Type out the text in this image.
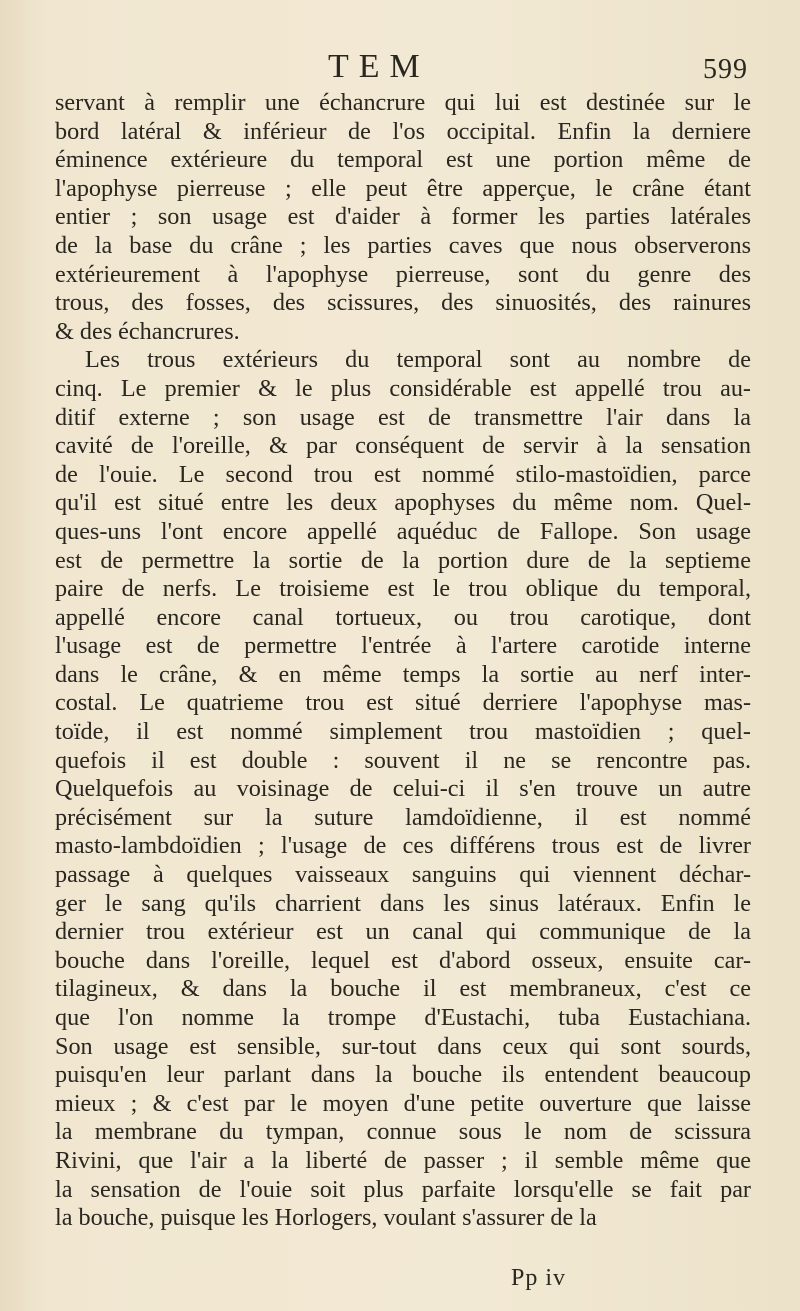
TEM	599
servant à remplir une échancrure qui lui est destinée sur le
bord latéral & inférieur de l'os occipital. Enfin la derniere
éminence extérieure du temporal est une portion même de
l'apophyse pierreuse ; elle peut être apperçue, le crâne étant
entier ; son usage est d'aider à former les parties latérales
de la base du crâne ; les parties caves que nous observerons
extérieurement à l'apophyse pierreuse, sont du genre des
trous, des fosses, des scissures, des sinuosités, des rainures
& des échancrures.
Les trous extérieurs du temporal sont au nombre de
cinq. Le premier & le plus considérable est appellé trou au-
ditif externe ; son usage est de transmettre l'air dans la
cavité de l'oreille, & par conséquent de servir à la sensation
de l'ouie. Le second trou est nommé stilo-mastoïdien, parce
qu'il est situé entre les deux apophyses du même nom. Quel-
ques-uns l'ont encore appellé aquéduc de Fallope. Son usage
est de permettre la sortie de la portion dure de la septieme
paire de nerfs. Le troisieme est le trou oblique du temporal,
appellé encore canal tortueux, ou trou carotique, dont
l'usage est de permettre l'entrée à l'artere carotide interne
dans le crâne, & en même temps la sortie au nerf inter-
costal. Le quatrieme trou est situé derriere l'apophyse mas-
toïde, il est nommé simplement trou mastoïdien ; quel-
quefois il est double : souvent il ne se rencontre pas.
Quelquefois au voisinage de celui-ci il s'en trouve un autre
précisément sur la suture lamdoïdienne, il est nommé
masto-lambdoïdien ; l'usage de ces différens trous est de livrer
passage à quelques vaisseaux sanguins qui viennent déchar-
ger le sang qu'ils charrient dans les sinus latéraux. Enfin le
dernier trou extérieur est un canal qui communique de la
bouche dans l'oreille, lequel est d'abord osseux, ensuite car-
tilagineux, & dans la bouche il est membraneux, c'est ce
que l'on nomme la trompe d'Eustachi, tuba Eustachiana.
Son usage est sensible, sur-tout dans ceux qui sont sourds,
puisqu'en leur parlant dans la bouche ils entendent beaucoup
mieux ; & c'est par le moyen d'une petite ouverture que laisse
la membrane du tympan, connue sous le nom de scissura
Rivini, que l'air a la liberté de passer ; il semble même que
la sensation de l'ouie soit plus parfaite lorsqu'elle se fait par
la bouche, puisque les Horlogers, voulant s'assurer de la
Pp iv
